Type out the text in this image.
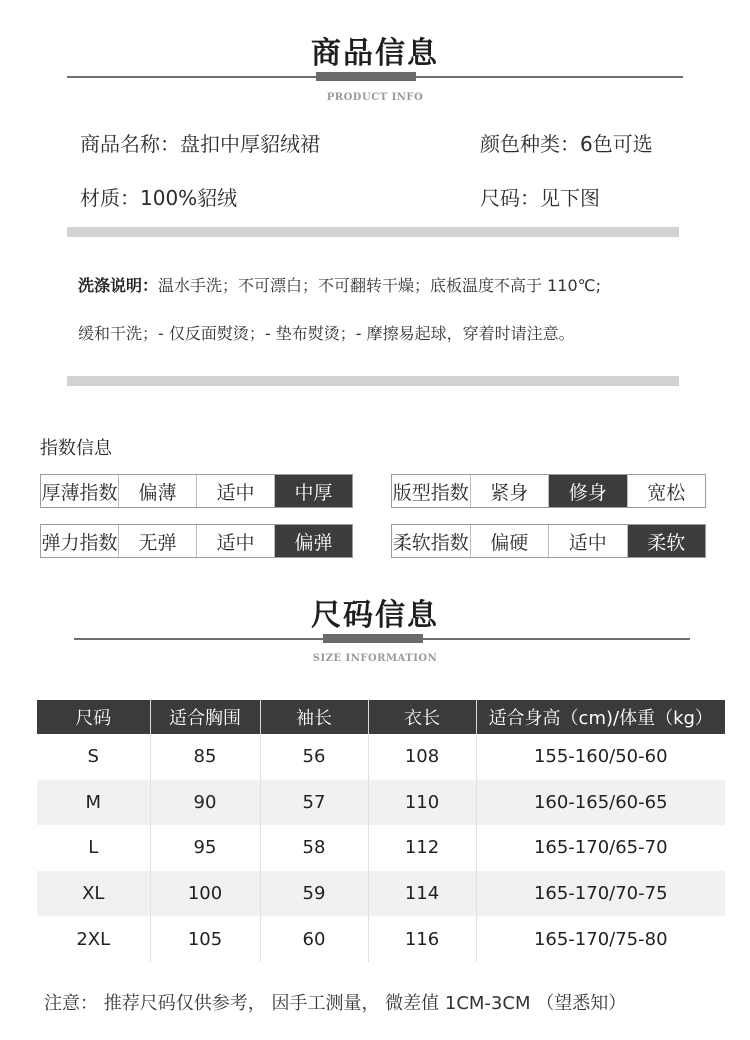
商品信息
PRODUCT INFO
商品名称：盘扣中厚貂绒裙	颜色种类：6色可选
材质：100%貂绒	尺码：见下图
洗涤说明：温水手洗；不可漂白；不可翻转干燥；底板温度不高于 110℃;
缓和干洗；- 仅反面熨烫；- 垫布熨烫；- 摩擦易起球，穿着时请注意。
指数信息
厚薄指数	偏薄	适中	中厚	版型指数	紧身	修身	宽松
弹力指数	无弹	适中	偏弹	柔软指数	偏硬	适中	柔软
尺码信息
SIZE INFORMATION
尺码	适合胸围	袖长	衣长	适合身高（cm)/体重（kg）
S	85	56	108	155-160/50-60
M	90	57	110	160-165/60-65
L	95	58	112	165-170/65-70
XL	100	59	114	165-170/70-75
2XL	105	60	116	165-170/75-80
注意： 推荐尺码仅供参考， 因手工测量， 微差值 1CM-3CM （望悉知）
